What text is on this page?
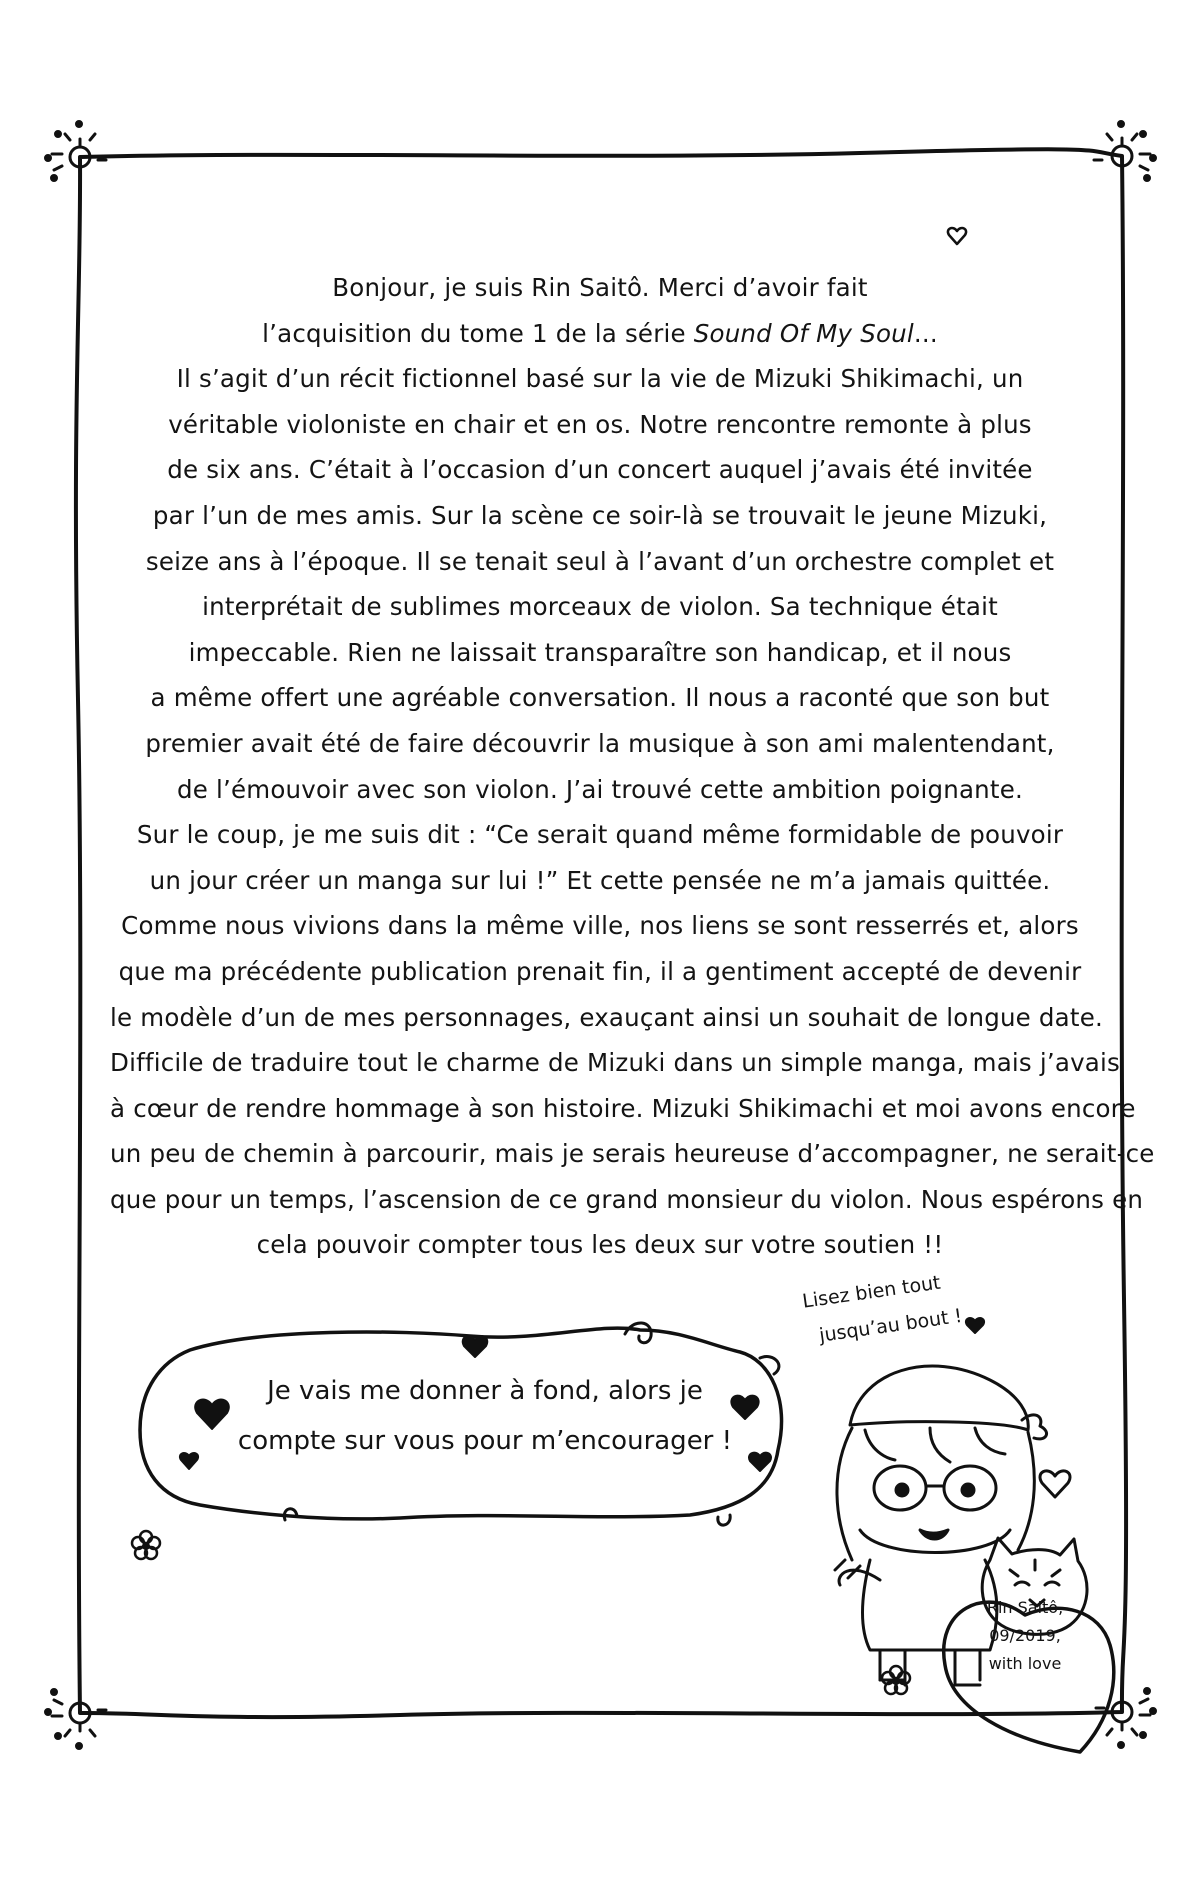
Bonjour, je suis Rin Saitô. Merci d’avoir fait
l’acquisition du tome 1 de la série Sound Of My Soul...
Il s’agit d’un récit fictionnel basé sur la vie de Mizuki Shikimachi, un
véritable violoniste en chair et en os. Notre rencontre remonte à plus
de six ans. C’était à l’occasion d’un concert auquel j’avais été invitée
par l’un de mes amis. Sur la scène ce soir-là se trouvait le jeune Mizuki,
seize ans à l’époque. Il se tenait seul à l’avant d’un orchestre complet et
interprétait de sublimes morceaux de violon. Sa technique était
impeccable. Rien ne laissait transparaître son handicap, et il nous
a même offert une agréable conversation. Il nous a raconté que son but
premier avait été de faire découvrir la musique à son ami malentendant,
de l’émouvoir avec son violon. J’ai trouvé cette ambition poignante.
Sur le coup, je me suis dit : “Ce serait quand même formidable de pouvoir
un jour créer un manga sur lui !” Et cette pensée ne m’a jamais quittée.
Comme nous vivions dans la même ville, nos liens se sont resserrés et, alors
que ma précédente publication prenait fin, il a gentiment accepté de devenir
le modèle d’un de mes personnages, exauçant ainsi un souhait de longue date.
Difficile de traduire tout le charme de Mizuki dans un simple manga, mais j’avais
à cœur de rendre hommage à son histoire. Mizuki Shikimachi et moi avons encore
un peu de chemin à parcourir, mais je serais heureuse d’accompagner, ne serait-ce
que pour un temps, l’ascension de ce grand monsieur du violon. Nous espérons en
cela pouvoir compter tous les deux sur votre soutien !!
Je vais me donner à fond, alors je
compte sur vous pour m’encourager !
Lisez bien tout
jusqu’au bout !
Rin Saitô,
09/2019,
with love
